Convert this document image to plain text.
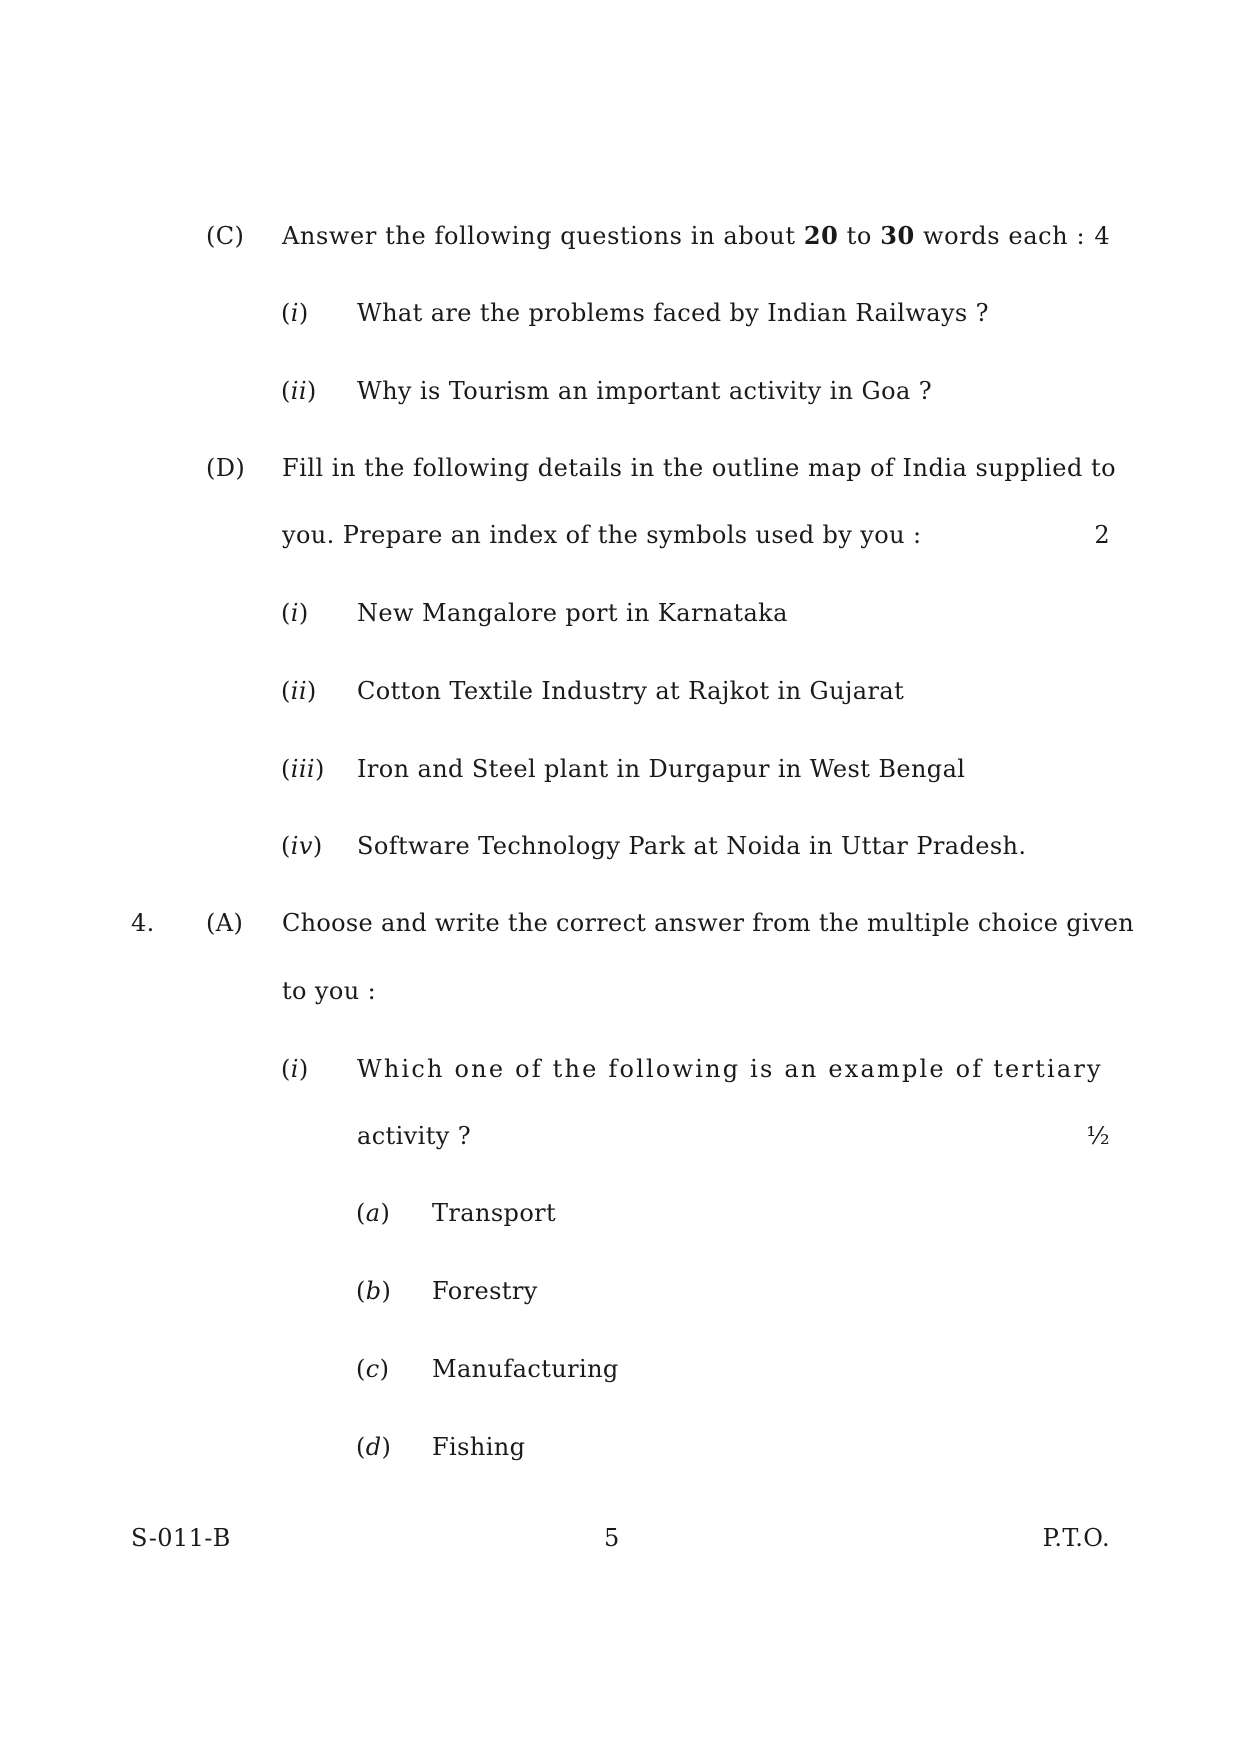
(C) Answer the following questions in about 20 to 30 words each : 4
(i) What are the problems faced by Indian Railways ?
(ii) Why is Tourism an important activity in Goa ?
(D) Fill in the following details in the outline map of India supplied to
you. Prepare an index of the symbols used by you :	2
(i) New Mangalore port in Karnataka
(ii) Cotton Textile Industry at Rajkot in Gujarat
(iii) Iron and Steel plant in Durgapur in West Bengal
(iv) Software Technology Park at Noida in Uttar Pradesh.
4. (A) Choose and write the correct answer from the multiple choice given
to you :
(i) Which one of the following is an example of tertiary
activity ?	½
(a) Transport
(b) Forestry
(c) Manufacturing
(d) Fishing
S-011-B	5	P.T.O.
